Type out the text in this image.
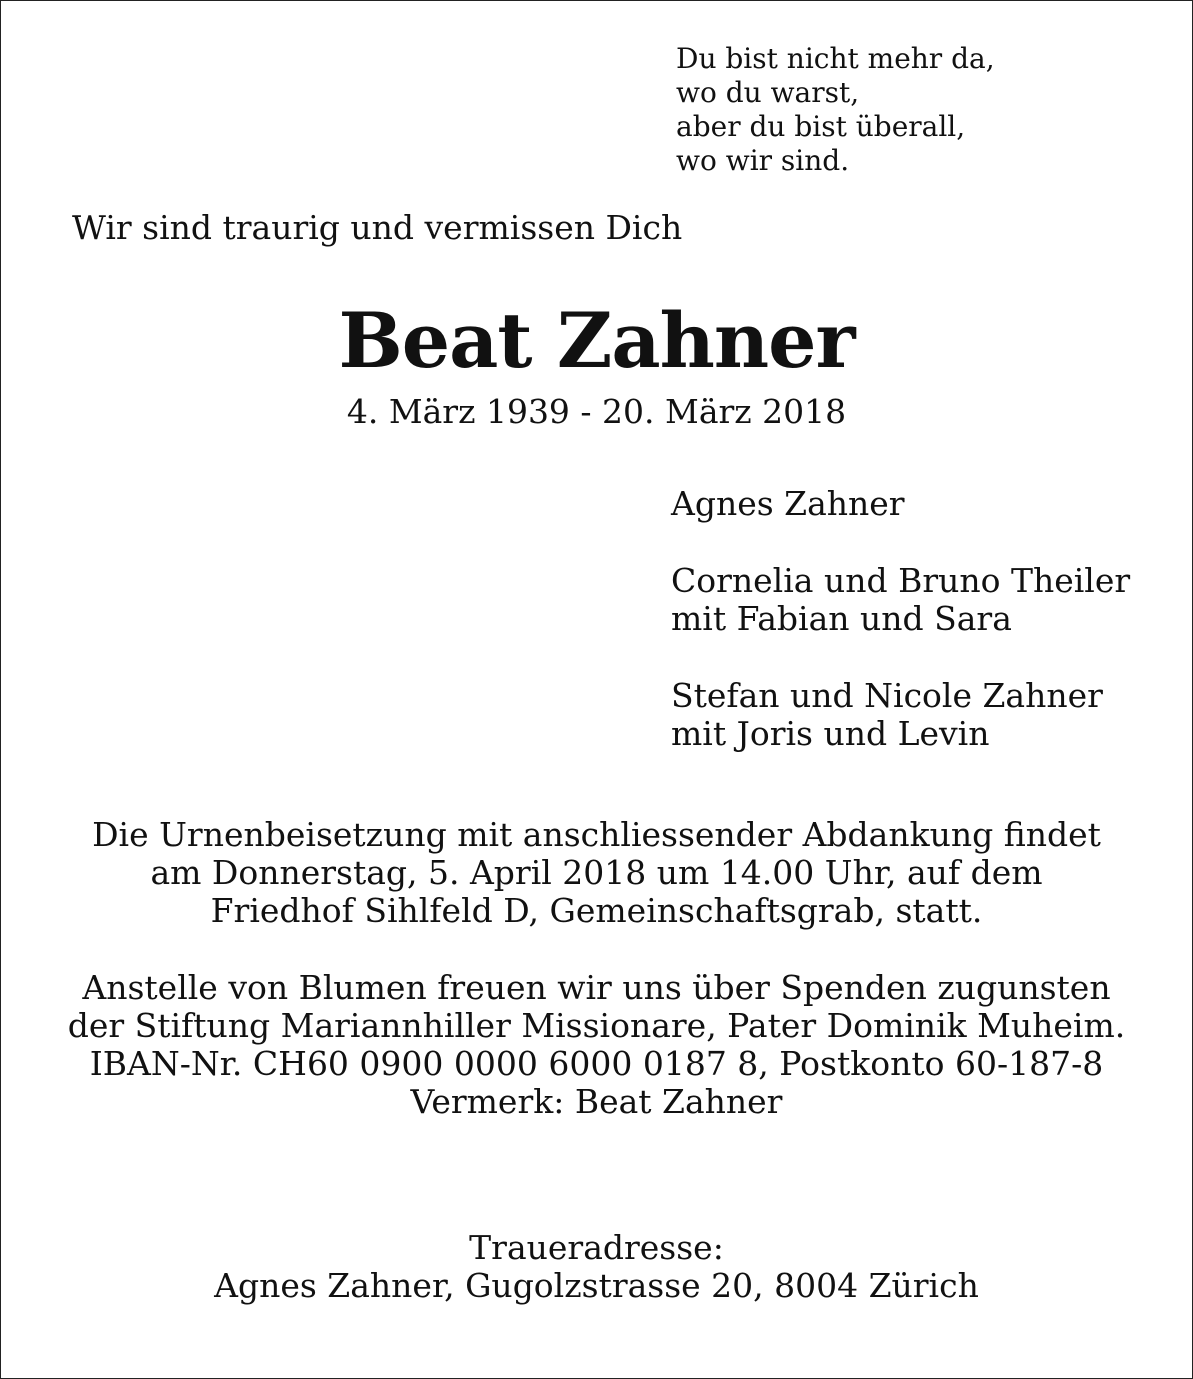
Du bist nicht mehr da,
wo du warst,
aber du bist überall,
wo wir sind.
Wir sind traurig und vermissen Dich
Beat Zahner
4. März 1939 - 20. März 2018
Agnes Zahner
Cornelia und Bruno Theiler
mit Fabian und Sara
Stefan und Nicole Zahner
mit Joris und Levin
Die Urnenbeisetzung mit anschliessender Abdankung findet
am Donnerstag, 5. April 2018 um 14.00 Uhr, auf dem
Friedhof Sihlfeld D, Gemeinschaftsgrab, statt.
Anstelle von Blumen freuen wir uns über Spenden zugunsten
der Stiftung Mariannhiller Missionare, Pater Dominik Muheim.
IBAN-Nr. CH60 0900 0000 6000 0187 8, Postkonto 60-187-8
Vermerk: Beat Zahner
Traueradresse:
Agnes Zahner, Gugolzstrasse 20, 8004 Zürich
